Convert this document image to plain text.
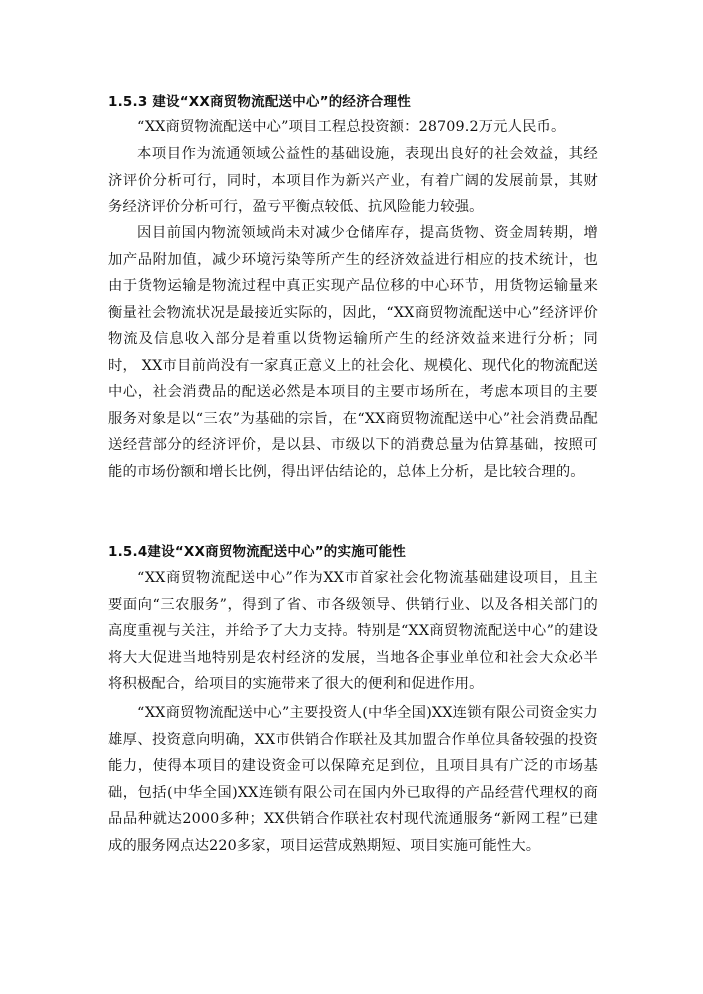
1.5.3 建设“XX商贸物流配送中心”的经济合理性
“XX商贸物流配送中心”项目工程总投资额：28709.2万元人民币。
本项目作为流通领域公益性的基础设施，表现出良好的社会效益，其经济评价分析可行，同时，本项目作为新兴产业，有着广阔的发展前景，其财务经济评价分析可行，盈亏平衡点较低、抗风险能力较强。
因目前国内物流领域尚未对减少仓储库存，提高货物、资金周转期，增加产品附加值，减少环境污染等所产生的经济效益进行相应的技术统计，也由于货物运输是物流过程中真正实现产品位移的中心环节，用货物运输量来衡量社会物流状况是最接近实际的，因此，“XX商贸物流配送中心”经济评价物流及信息收入部分是着重以货物运输所产生的经济效益来进行分析；同时， XX市目前尚没有一家真正意义上的社会化、规模化、现代化的物流配送中心，社会消费品的配送必然是本项目的主要市场所在，考虑本项目的主要服务对象是以“三农”为基础的宗旨，在“XX商贸物流配送中心”社会消费品配送经营部分的经济评价，是以县、市级以下的消费总量为估算基础，按照可能的市场份额和增长比例，得出评估结论的，总体上分析，是比较合理的。
1.5.4建设“XX商贸物流配送中心”的实施可能性
“XX商贸物流配送中心”作为XX市首家社会化物流基础建设项目，且主要面向“三农服务”，得到了省、市各级领导、供销行业、以及各相关部门的高度重视与关注，并给予了大力支持。特别是“XX商贸物流配送中心”的建设将大大促进当地特别是农村经济的发展，当地各企事业单位和社会大众必半将积极配合，给项目的实施带来了很大的便利和促进作用。
“XX商贸物流配送中心”主要投资人(中华全国)XX连锁有限公司资金实力雄厚、投资意向明确，XX市供销合作联社及其加盟合作单位具备较强的投资能力，使得本项目的建设资金可以保障充足到位，且项目具有广泛的市场基础，包括(中华全国)XX连锁有限公司在国内外已取得的产品经营代理权的商品品种就达2000多种；XX供销合作联社农村现代流通服务“新网工程”已建成的服务网点达220多家，项目运营成熟期短、项目实施可能性大。
